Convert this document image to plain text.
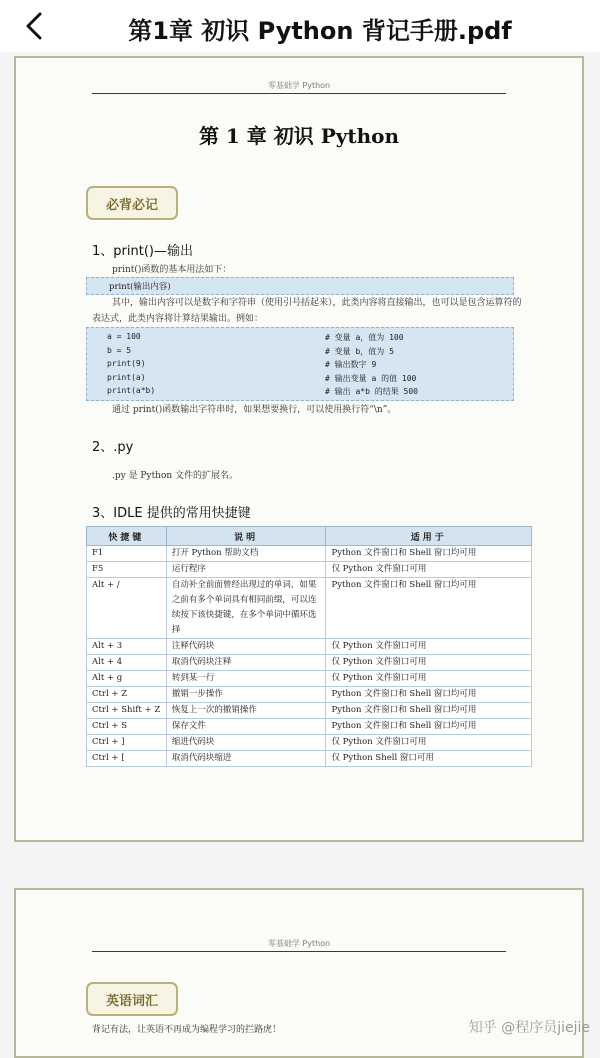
第1章 初识 Python 背记手册.pdf
零基础学 Python
第 1 章 初识 Python
必背必记
1、print()—输出
print()函数的基本用法如下：
print(输出内容)
其中，输出内容可以是数字和字符串（使用引号括起来），此类内容将直接输出，也可以是包含运算符的表达式，此类内容将计算结果输出。例如：
a = 100	# 变量 a，值为 100
b = 5	# 变量 b，值为 5
print(9)	# 输出数字 9
print(a)	# 输出变量 a 的值 100
print(a*b)	# 输出 a*b 的结果 500
通过 print()函数输出字符串时，如果想要换行，可以使用换行符“\n”。
2、.py
.py 是 Python 文件的扩展名。
3、IDLE 提供的常用快捷键
快捷键	说明	适用于
F1	打开 Python 帮助文档	Python 文件窗口和 Shell 窗口均可用
F5	运行程序	仅 Python 文件窗口可用
Alt + /	自动补全前面曾经出现过的单词，如果之前有多个单词具有相同前缀，可以连续按下该快捷键，在多个单词中循环选择	Python 文件窗口和 Shell 窗口均可用
Alt + 3	注释代码块	仅 Python 文件窗口可用
Alt + 4	取消代码块注释	仅 Python 文件窗口可用
Alt + g	转到某一行	仅 Python 文件窗口可用
Ctrl + Z	撤销一步操作	Python 文件窗口和 Shell 窗口均可用
Ctrl + Shift + Z	恢复上一次的撤销操作	Python 文件窗口和 Shell 窗口均可用
Ctrl + S	保存文件	Python 文件窗口和 Shell 窗口均可用
Ctrl + ]	缩进代码块	仅 Python 文件窗口可用
Ctrl + [	取消代码块缩进	仅 Python Shell 窗口可用
零基础学 Python
英语词汇
背记有法，让英语不再成为编程学习的拦路虎！	知乎 @程序员jiejie
